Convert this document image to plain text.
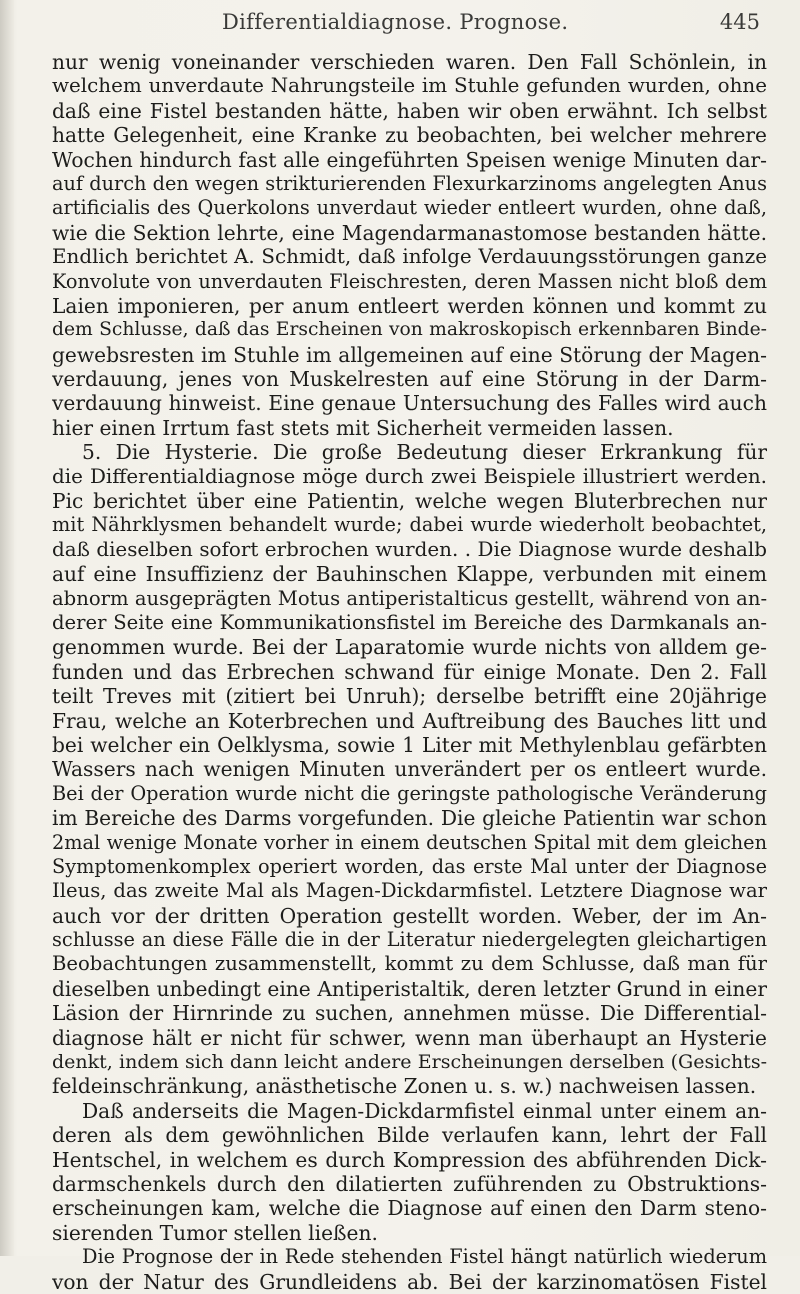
Differentialdiagnose. Prognose.	445
nur wenig voneinander verschieden waren. Den Fall Schönlein, in
welchem unverdaute Nahrungsteile im Stuhle gefunden wurden, ohne
daß eine Fistel bestanden hätte, haben wir oben erwähnt. Ich selbst
hatte Gelegenheit, eine Kranke zu beobachten, bei welcher mehrere
Wochen hindurch fast alle eingeführten Speisen wenige Minuten dar-
auf durch den wegen strikturierenden Flexurkarzinoms angelegten Anus
artificialis des Querkolons unverdaut wieder entleert wurden, ohne daß,
wie die Sektion lehrte, eine Magendarmanastomose bestanden hätte.
Endlich berichtet A. Schmidt, daß infolge Verdauungsstörungen ganze
Konvolute von unverdauten Fleischresten, deren Massen nicht bloß dem
Laien imponieren, per anum entleert werden können und kommt zu
dem Schlusse, daß das Erscheinen von makroskopisch erkennbaren Binde-
gewebsresten im Stuhle im allgemeinen auf eine Störung der Magen-
verdauung, jenes von Muskelresten auf eine Störung in der Darm-
verdauung hinweist. Eine genaue Untersuchung des Falles wird auch
hier einen Irrtum fast stets mit Sicherheit vermeiden lassen.
5. Die Hysterie. Die große Bedeutung dieser Erkrankung für
die Differentialdiagnose möge durch zwei Beispiele illustriert werden.
Pic berichtet über eine Patientin, welche wegen Bluterbrechen nur
mit Nährklysmen behandelt wurde; dabei wurde wiederholt beobachtet,
daß dieselben sofort erbrochen wurden. . Die Diagnose wurde deshalb
auf eine Insuffizienz der Bauhinschen Klappe, verbunden mit einem
abnorm ausgeprägten Motus antiperistalticus gestellt, während von an-
derer Seite eine Kommunikationsfistel im Bereiche des Darmkanals an-
genommen wurde. Bei der Laparatomie wurde nichts von alldem ge-
funden und das Erbrechen schwand für einige Monate. Den 2. Fall
teilt Treves mit (zitiert bei Unruh); derselbe betrifft eine 20jährige
Frau, welche an Koterbrechen und Auftreibung des Bauches litt und
bei welcher ein Oelklysma, sowie 1 Liter mit Methylenblau gefärbten
Wassers nach wenigen Minuten unverändert per os entleert wurde.
Bei der Operation wurde nicht die geringste pathologische Veränderung
im Bereiche des Darms vorgefunden. Die gleiche Patientin war schon
2mal wenige Monate vorher in einem deutschen Spital mit dem gleichen
Symptomenkomplex operiert worden, das erste Mal unter der Diagnose
Ileus, das zweite Mal als Magen-Dickdarmfistel. Letztere Diagnose war
auch vor der dritten Operation gestellt worden. Weber, der im An-
schlusse an diese Fälle die in der Literatur niedergelegten gleichartigen
Beobachtungen zusammenstellt, kommt zu dem Schlusse, daß man für
dieselben unbedingt eine Antiperistaltik, deren letzter Grund in einer
Läsion der Hirnrinde zu suchen, annehmen müsse. Die Differential-
diagnose hält er nicht für schwer, wenn man überhaupt an Hysterie
denkt, indem sich dann leicht andere Erscheinungen derselben (Gesichts-
feldeinschränkung, anästhetische Zonen u. s. w.) nachweisen lassen.
Daß anderseits die Magen-Dickdarmfistel einmal unter einem an-
deren als dem gewöhnlichen Bilde verlaufen kann, lehrt der Fall
Hentschel, in welchem es durch Kompression des abführenden Dick-
darmschenkels durch den dilatierten zuführenden zu Obstruktions-
erscheinungen kam, welche die Diagnose auf einen den Darm steno-
sierenden Tumor stellen ließen.
Die Prognose der in Rede stehenden Fistel hängt natürlich wiederum
von der Natur des Grundleidens ab. Bei der karzinomatösen Fistel
